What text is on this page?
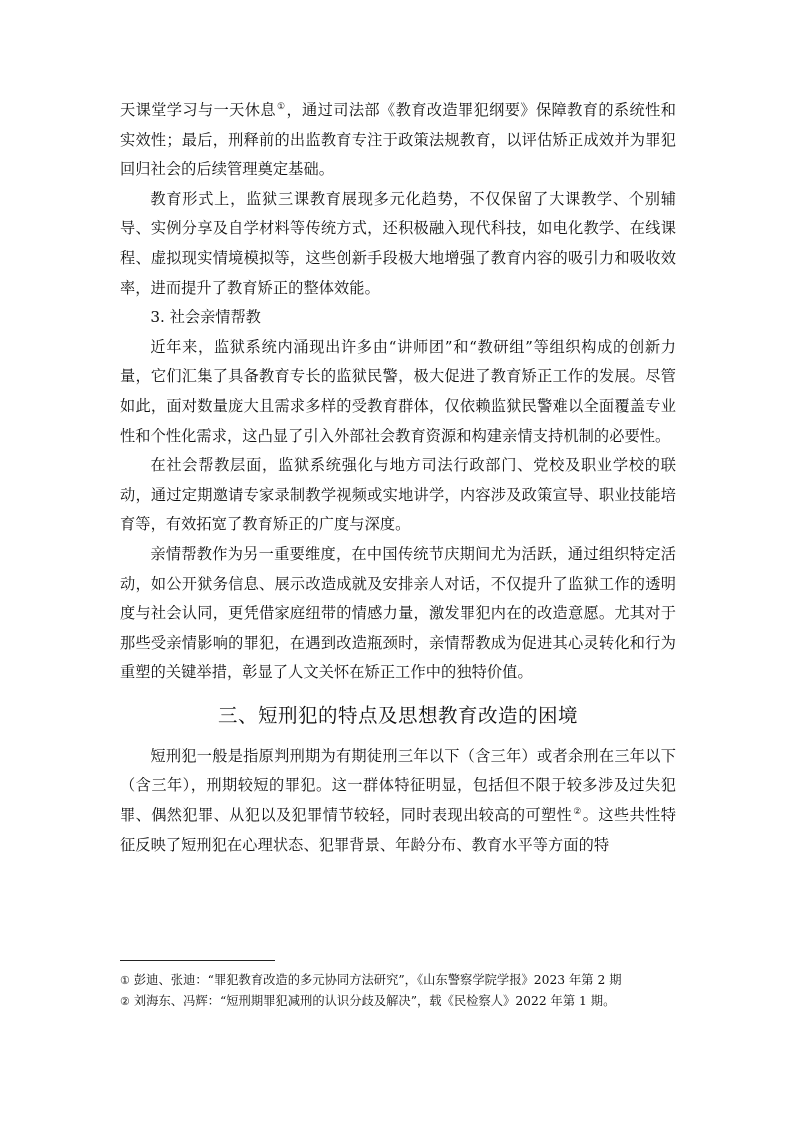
天课堂学习与一天休息①，通过司法部《教育改造罪犯纲要》保障教育的系统性和实效性；最后，刑释前的出监教育专注于政策法规教育，以评估矫正成效并为罪犯回归社会的后续管理奠定基础。

教育形式上，监狱三课教育展现多元化趋势，不仅保留了大课教学、个别辅导、实例分享及自学材料等传统方式，还积极融入现代科技，如电化教学、在线课程、虚拟现实情境模拟等，这些创新手段极大地增强了教育内容的吸引力和吸收效率，进而提升了教育矫正的整体效能。

3. 社会亲情帮教

近年来，监狱系统内涌现出许多由“讲师团”和“教研组”等组织构成的创新力量，它们汇集了具备教育专长的监狱民警，极大促进了教育矫正工作的发展。尽管如此，面对数量庞大且需求多样的受教育群体，仅依赖监狱民警难以全面覆盖专业性和个性化需求，这凸显了引入外部社会教育资源和构建亲情支持机制的必要性。

在社会帮教层面，监狱系统强化与地方司法行政部门、党校及职业学校的联动，通过定期邀请专家录制教学视频或实地讲学，内容涉及政策宣导、职业技能培育等，有效拓宽了教育矫正的广度与深度。

亲情帮教作为另一重要维度，在中国传统节庆期间尤为活跃，通过组织特定活动，如公开狱务信息、展示改造成就及安排亲人对话，不仅提升了监狱工作的透明度与社会认同，更凭借家庭纽带的情感力量，激发罪犯内在的改造意愿。尤其对于那些受亲情影响的罪犯，在遇到改造瓶颈时，亲情帮教成为促进其心灵转化和行为重塑的关键举措，彰显了人文关怀在矫正工作中的独特价值。

三、短刑犯的特点及思想教育改造的困境

短刑犯一般是指原判刑期为有期徒刑三年以下（含三年）或者余刑在三年以下（含三年），刑期较短的罪犯。这一群体特征明显，包括但不限于较多涉及过失犯罪、偶然犯罪、从犯以及犯罪情节较轻，同时表现出较高的可塑性②。这些共性特征反映了短刑犯在心理状态、犯罪背景、年龄分布、教育水平等方面的特

① 彭迪、张迪：“罪犯教育改造的多元协同方法研究”，《山东警察学院学报》2023 年第 2 期

② 刘海东、冯辉：“短刑期罪犯减刑的认识分歧及解决”，载《民检察人》2022 年第 1 期。
